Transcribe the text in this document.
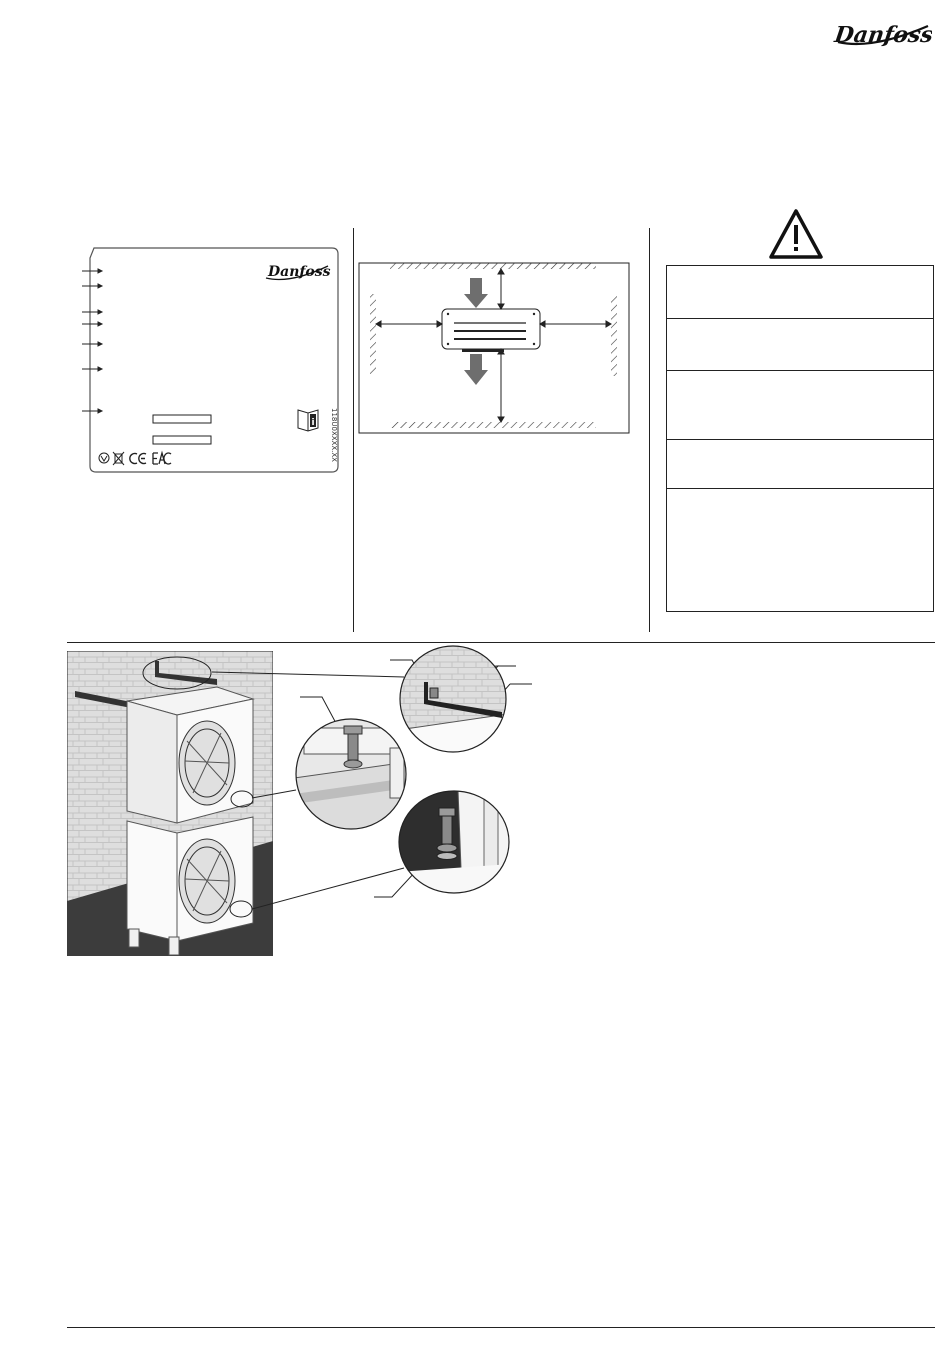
Danfoss
Danfoss
i 118U0XXXX.XX
